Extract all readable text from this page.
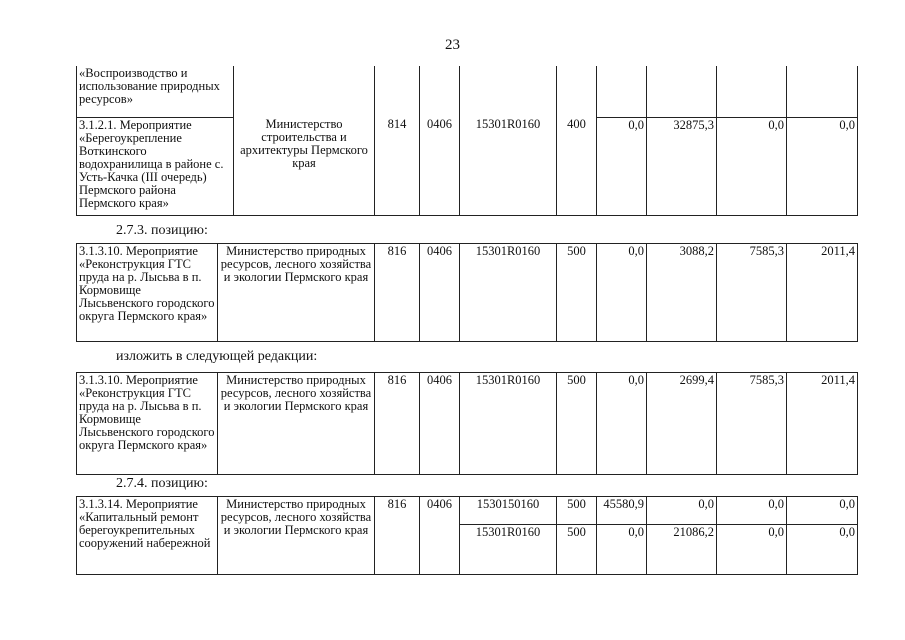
23
«Воспроизводство и использование природных ресурсов»									
3.1.2.1. Мероприятие «Берегоукрепление Воткинского водохранилища в районе с. Усть-Качка (III очередь) Пермского района Пермского края»	Министерство строительства и архитектуры Пермского края	814	0406	15301R0160	400	0,0	32875,3	0,0	0,0
2.7.3. позицию:
3.1.3.10. Мероприятие «Реконструкция ГТС пруда на р. Лысьва в п. Кормовище Лысьвенского городского округа Пермского края»	Министерство природных ресурсов, лесного хозяйства и экологии Пермского края	816	0406	15301R0160	500	0,0	3088,2	7585,3	2011,4
изложить в следующей редакции:
3.1.3.10. Мероприятие «Реконструкция ГТС пруда на р. Лысьва в п. Кормовище Лысьвенского городского округа Пермского края»	Министерство природных ресурсов, лесного хозяйства и экологии Пермского края	816	0406	15301R0160	500	0,0	2699,4	7585,3	2011,4
2.7.4. позицию:
3.1.3.14. Мероприятие «Капитальный ремонт берегоукрепительных сооружений набережной	Министерство природных ресурсов, лесного хозяйства и экологии Пермского края	816	0406	1530150160	500	45580,9	0,0	0,0	0,0
				15301R0160	500	0,0	21086,2	0,0	0,0
